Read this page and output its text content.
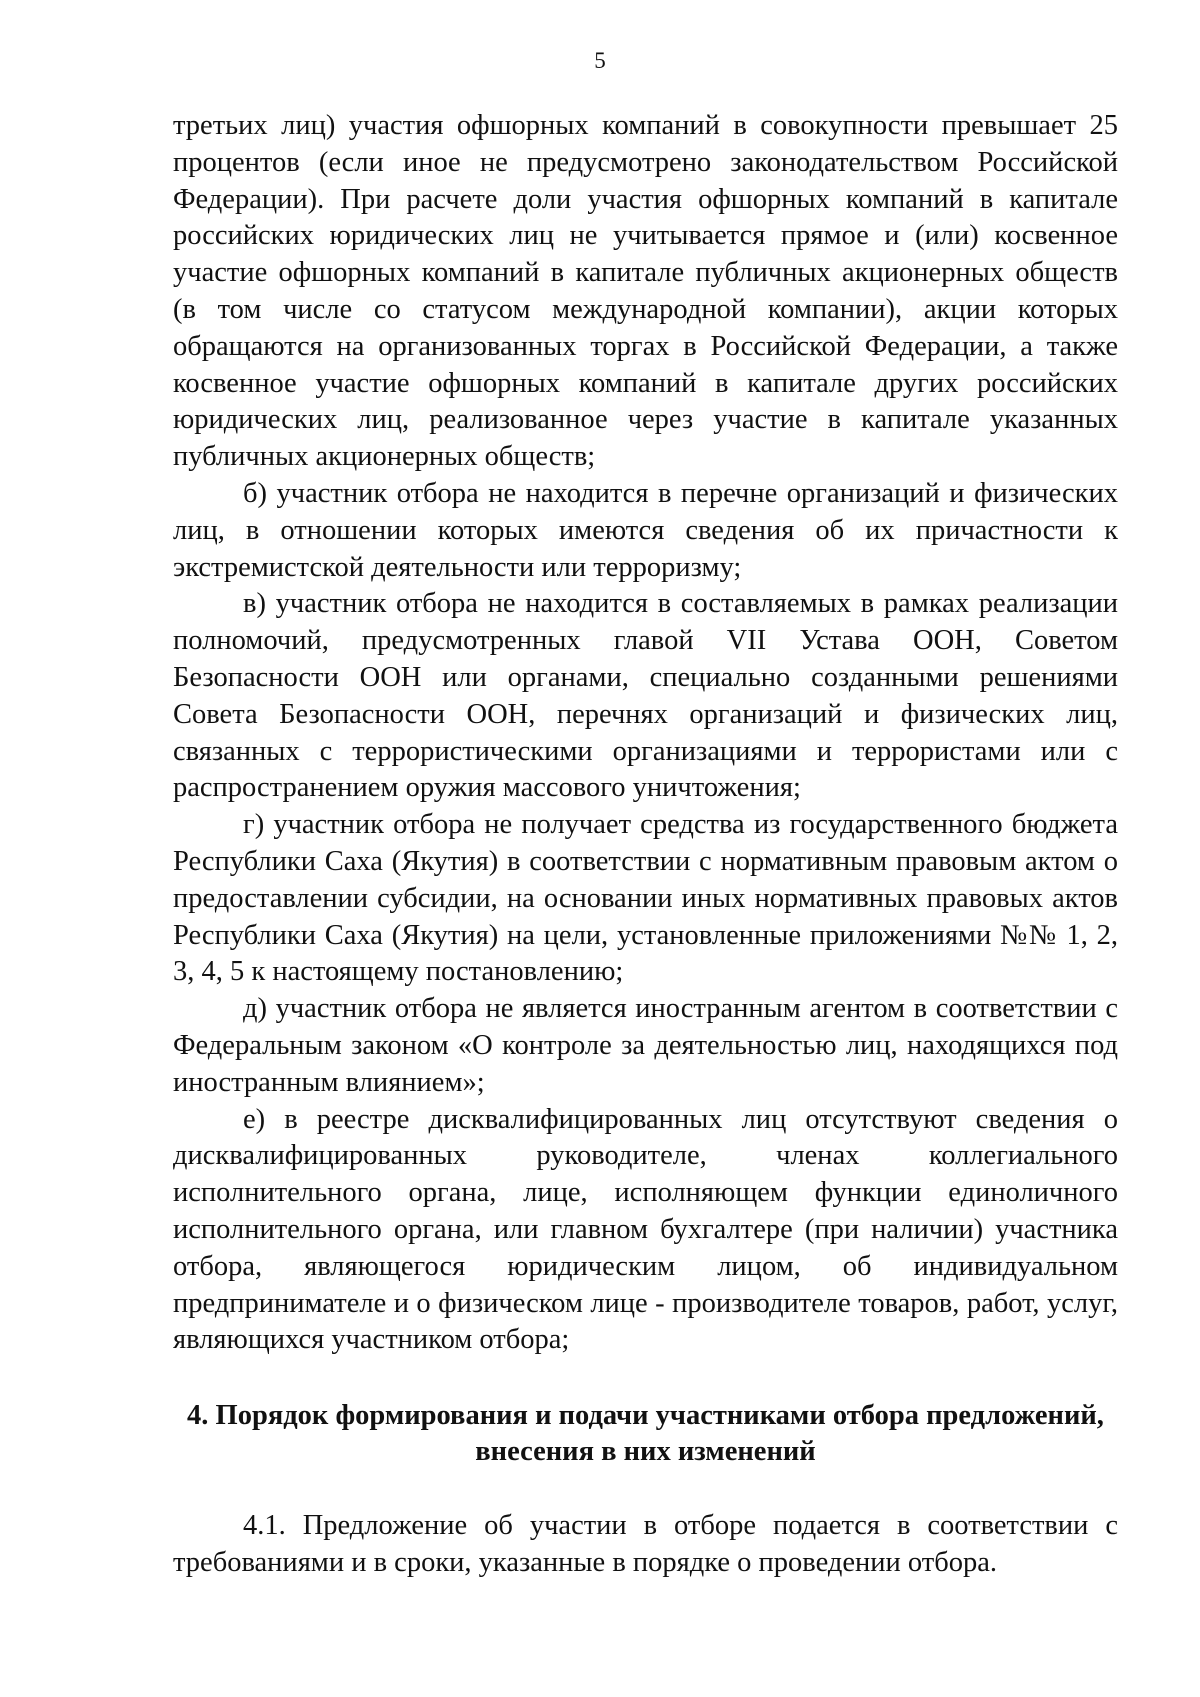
5

третьих лиц) участия офшорных компаний в совокупности превышает 25 процентов (если иное не предусмотрено законодательством Российской Федерации). При расчете доли участия офшорных компаний в капитале российских юридических лиц не учитывается прямое и (или) косвенное участие офшорных компаний в капитале публичных акционерных обществ (в том числе со статусом международной компании), акции которых обращаются на организованных торгах в Российской Федерации, а также косвенное участие офшорных компаний в капитале других российских юридических лиц, реализованное через участие в капитале указанных публичных акционерных обществ;

б) участник отбора не находится в перечне организаций и физических лиц, в отношении которых имеются сведения об их причастности к экстремистской деятельности или терроризму;

в) участник отбора не находится в составляемых в рамках реализации полномочий, предусмотренных главой VII Устава ООН, Советом Безопасности ООН или органами, специально созданными решениями Совета Безопасности ООН, перечнях организаций и физических лиц, связанных с террористическими организациями и террористами или с распространением оружия массового уничтожения;

г) участник отбора не получает средства из государственного бюджета Республики Саха (Якутия) в соответствии с нормативным правовым актом о предоставлении субсидии, на основании иных нормативных правовых актов Республики Саха (Якутия) на цели, установленные приложениями №№ 1, 2, 3, 4, 5 к настоящему постановлению;

д) участник отбора не является иностранным агентом в соответствии с Федеральным законом «О контроле за деятельностью лиц, находящихся под иностранным влиянием»;

е) в реестре дисквалифицированных лиц отсутствуют сведения о дисквалифицированных руководителе, членах коллегиального исполнительного органа, лице, исполняющем функции единоличного исполнительного органа, или главном бухгалтере (при наличии) участника отбора, являющегося юридическим лицом, об индивидуальном предпринимателе и о физическом лице - производителе товаров, работ, услуг, являющихся участником отбора;

4. Порядок формирования и подачи участниками отбора предложений,
внесения в них изменений

4.1. Предложение об участии в отборе подается в соответствии с требованиями и в сроки, указанные в порядке о проведении отбора.
